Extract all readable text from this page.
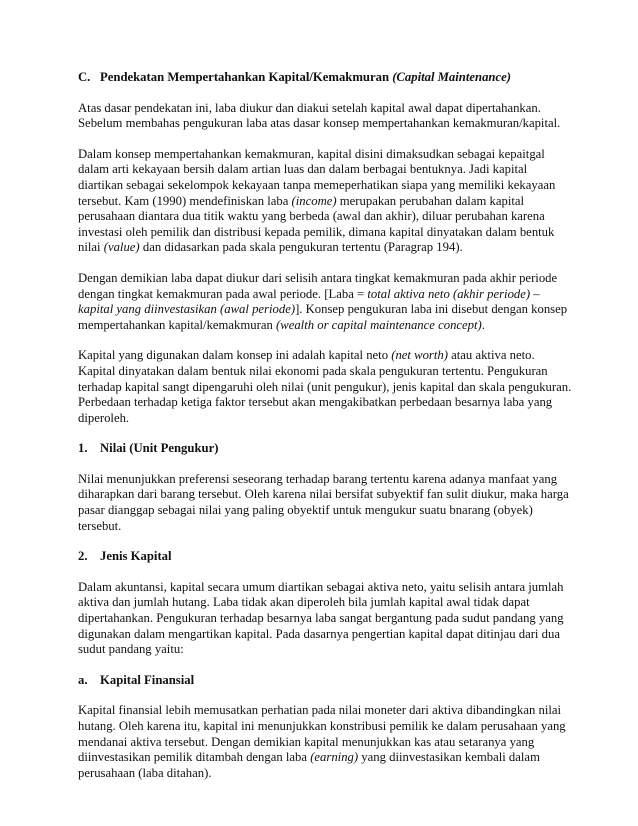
C. Pendekatan Mempertahankan Kapital/Kemakmuran (Capital Maintenance)
Atas dasar pendekatan ini, laba diukur dan diakui setelah kapital awal dapat dipertahankan.
Sebelum membahas pengukuran laba atas dasar konsep mempertahankan kemakmuran/kapital.
Dalam konsep mempertahankan kemakmuran, kapital disini dimaksudkan sebagai kepaitgal
dalam arti kekayaan bersih dalam artian luas dan dalam berbagai bentuknya. Jadi kapital
diartikan sebagai sekelompok kekayaan tanpa memeperhatikan siapa yang memiliki kekayaan
tersebut. Kam (1990) mendefiniskan laba (income) merupakan perubahan dalam kapital
perusahaan diantara dua titik waktu yang berbeda (awal dan akhir), diluar perubahan karena
investasi oleh pemilik dan distribusi kepada pemilik, dimana kapital dinyatakan dalam bentuk
nilai (value) dan didasarkan pada skala pengukuran tertentu (Paragrap 194).
Dengan demikian laba dapat diukur dari selisih antara tingkat kemakmuran pada akhir periode
dengan tingkat kemakmuran pada awal periode. [Laba = total aktiva neto (akhir periode) –
kapital yang diinvestasikan (awal periode)]. Konsep pengukuran laba ini disebut dengan konsep
mempertahankan kapital/kemakmuran (wealth or capital maintenance concept).
Kapital yang digunakan dalam konsep ini adalah kapital neto (net worth) atau aktiva neto.
Kapital dinyatakan dalam bentuk nilai ekonomi pada skala pengukuran tertentu. Pengukuran
terhadap kapital sangt dipengaruhi oleh nilai (unit pengukur), jenis kapital dan skala pengukuran.
Perbedaan terhadap ketiga faktor tersebut akan mengakibatkan perbedaan besarnya laba yang
diperoleh.
1. Nilai (Unit Pengukur)
Nilai menunjukkan preferensi seseorang terhadap barang tertentu karena adanya manfaat yang
diharapkan dari barang tersebut. Oleh karena nilai bersifat subyektif fan sulit diukur, maka harga
pasar dianggap sebagai nilai yang paling obyektif untuk mengukur suatu bnarang (obyek)
tersebut.
2. Jenis Kapital
Dalam akuntansi, kapital secara umum diartikan sebagai aktiva neto, yaitu selisih antara jumlah
aktiva dan jumlah hutang. Laba tidak akan diperoleh bila jumlah kapital awal tidak dapat
dipertahankan. Pengukuran terhadap besarnya laba sangat bergantung pada sudut pandang yang
digunakan dalam mengartikan kapital. Pada dasarnya pengertian kapital dapat ditinjau dari dua
sudut pandang yaitu:
a. Kapital Finansial
Kapital finansial lebih memusatkan perhatian pada nilai moneter dari aktiva dibandingkan nilai
hutang. Oleh karena itu, kapital ini menunjukkan konstribusi pemilik ke dalam perusahaan yang
mendanai aktiva tersebut. Dengan demikian kapital menunjukkan kas atau setaranya yang
diinvestasikan pemilik ditambah dengan laba (earning) yang diinvestasikan kembali dalam
perusahaan (laba ditahan).
